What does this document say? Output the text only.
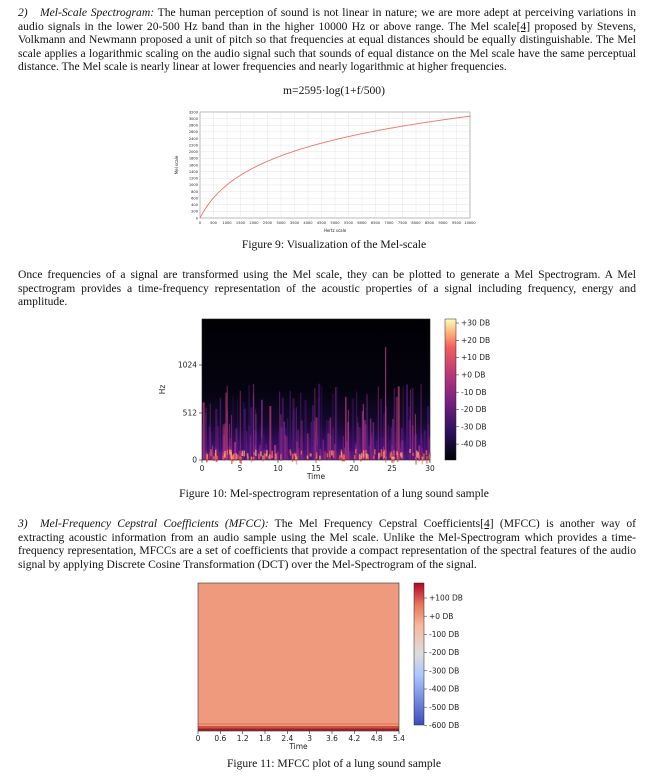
2) Mel-Scale Spectrogram: The human perception of sound is not linear in nature; we are more adept at perceiving variations in audio signals in the lower 20-500 Hz band than in the higher 10000 Hz or above range. The Mel scale[4] proposed by Stevens, Volkmann and Newmann proposed a unit of pitch so that frequencies at equal distances should be equally distinguishable. The Mel scale applies a logarithmic scaling on the audio signal such that sounds of equal distance on the Mel scale have the same perceptual distance. The Mel scale is nearly linear at lower frequencies and nearly logarithmic at higher frequencies.

m=2595·log(1+f/500)
0 500 1000 1500 2000 2500 3000 3500 4000 4500 5000 5500 6000 6500 7000 7500 8000 8500 9000 9500 10000
0
200
400
600
800
1000
1200
1400
1600
1800
2000
2200
2400
2600
2800
3000
3200
Hertz scale
Mel scale
Figure 9: Visualization of the Mel-scale

Once frequencies of a signal are transformed using the Mel scale, they can be plotted to generate a Mel Spectrogram. A Mel spectrogram provides a time-frequency representation of the acoustic properties of a signal including frequency, energy and amplitude.

0	5	10	15	20	25	30
0
512
1024
Time
Hz
+30 DB
+20 DB
+10 DB
+0 DB
-10 DB
-20 DB
-30 DB
-40 DB
Figure 10: Mel-spectrogram representation of a lung sound sample

3) Mel-Frequency Cepstral Coefficients (MFCC): The Mel Frequency Cepstral Coefficients[4] (MFCC) is another way of extracting acoustic information from an audio sample using the Mel scale. Unlike the Mel-Spectrogram which provides a time-frequency representation, MFCCs are a set of coefficients that provide a compact representation of the spectral features of the audio signal by applying Discrete Cosine Transformation (DCT) over the Mel-Spectrogram of the signal.

0 0.6 1.2 1.8 2.4 3 3.6 4.2 4.8 5.4
Time
+100 DB
+0 DB
-100 DB
-200 DB
-300 DB
-400 DB
-500 DB
-600 DB
Figure 11: MFCC plot of a lung sound sample
